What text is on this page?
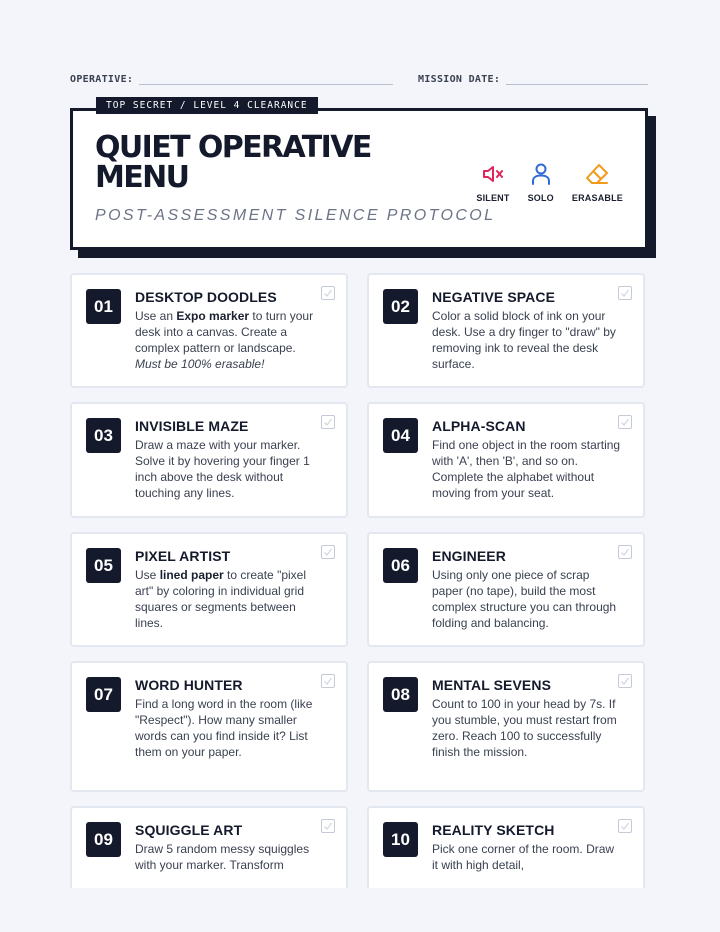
OPERATIVE:	MISSION DATE:
TOP SECRET / LEVEL 4 CLEARANCE
QUIET OPERATIVE
MENU
POST-ASSESSMENT SILENCE PROTOCOL
SILENT SOLO ERASABLE
01	DESKTOP DOODLES
Use an Expo marker to turn your desk into a canvas. Create a complex pattern or landscape.
Must be 100% erasable!
02	NEGATIVE SPACE
Color a solid block of ink on your desk. Use a dry finger to "draw" by removing ink to reveal the desk surface.
03	INVISIBLE MAZE
Draw a maze with your marker. Solve it by hovering your finger 1 inch above the desk without touching any lines.
04	ALPHA-SCAN
Find one object in the room starting with 'A', then 'B', and so on. Complete the alphabet without moving from your seat.
05	PIXEL ARTIST
Use lined paper to create "pixel art" by coloring in individual grid squares or segments between lines.
06	ENGINEER
Using only one piece of scrap paper (no tape), build the most complex structure you can through folding and balancing.
07	WORD HUNTER
Find a long word in the room (like "Respect"). How many smaller words can you find inside it? List them on your paper.
08	MENTAL SEVENS
Count to 100 in your head by 7s. If you stumble, you must restart from zero. Reach 100 to successfully finish the mission.
09	SQUIGGLE ART
Draw 5 random messy squiggles with your marker. Transform
10	REALITY SKETCH
Pick one corner of the room. Draw it with high detail,
